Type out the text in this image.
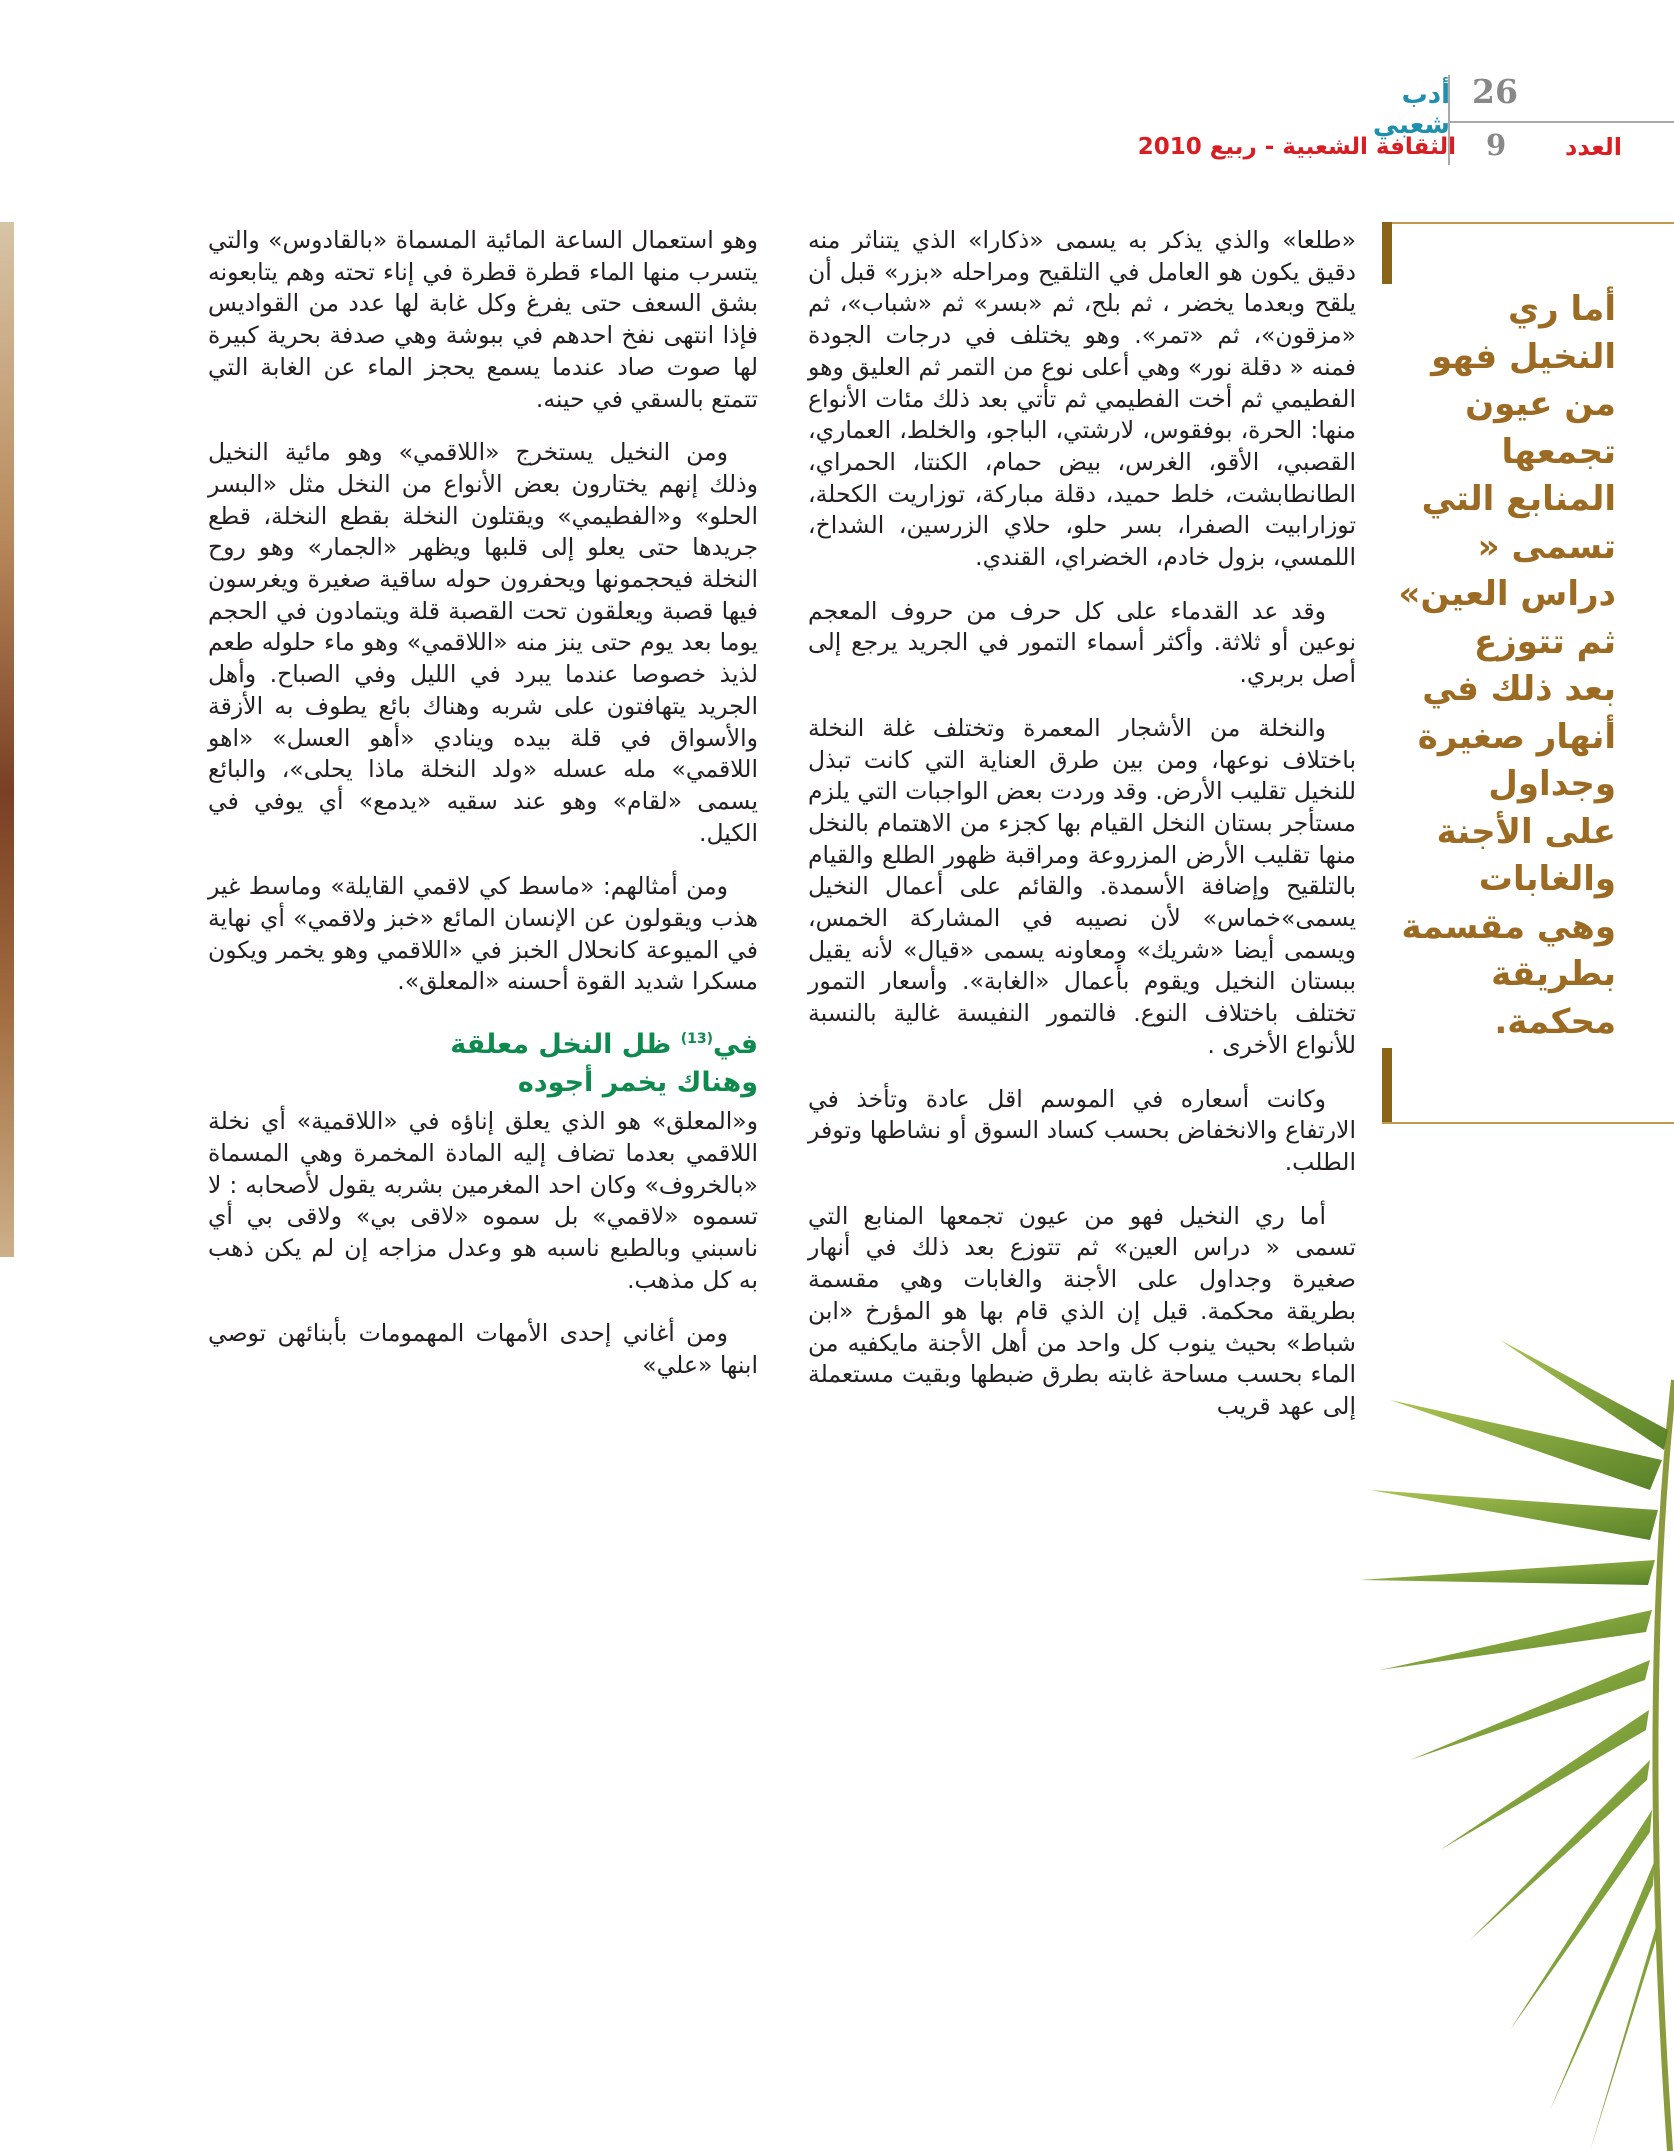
أدب شعبي
26
العدد
9
الثقافة الشعبية - ربيع 2010
أما ري
النخيل فهو
من عيون
تجمعها
المنابع التي
تسمى «
دراس العين»
ثم تتوزع
بعد ذلك في
أنهار صغيرة
وجداول
على الأجنة
والغابات
وهي مقسمة
بطريقة
محكمة.

«طلعا» والذي يذكر به يسمى «ذكارا» الذي يتناثر منه دقيق يكون هو العامل في التلقيح ومراحله «بزر» قبل أن يلقح وبعدما يخضر ، ثم بلح، ثم «بسر» ثم «شباب»، ثم «مزقون»، ثم «تمر». وهو يختلف في درجات الجودة فمنه « دقلة نور» وهي أعلى نوع من التمر ثم العليق وهو الفطيمي ثم أخت الفطيمي ثم تأتي بعد ذلك مئات الأنواع منها: الحرة، بوفقوس، لارشتي، الباجو، والخلط، العماري، القصبي، الأقو، الغرس، بيض حمام، الكنتا، الحمراي، الطانطابشت، خلط حميد، دقلة مباركة، توزاريت الكحلة، توزارابيت الصفرا، بسر حلو، حلاي الزرسين، الشداخ، اللمسي، بزول خادم، الخضراي، القندي.

وقد عد القدماء على كل حرف من حروف المعجم نوعين أو ثلاثة. وأكثر أسماء التمور في الجريد يرجع إلى أصل بربري.

والنخلة من الأشجار المعمرة وتختلف غلة النخلة باختلاف نوعها، ومن بين طرق العناية التي كانت تبذل للنخيل تقليب الأرض. وقد وردت بعض الواجبات التي يلزم مستأجر بستان النخل القيام بها كجزء من الاهتمام بالنخل منها تقليب الأرض المزروعة ومراقبة ظهور الطلع والقيام بالتلقيح وإضافة الأسمدة. والقائم على أعمال النخيل يسمى»خماس» لأن نصيبه في المشاركة الخمس، ويسمى أيضا «شريك» ومعاونه يسمى «قيال» لأنه يقيل ببستان النخيل ويقوم بأعمال «الغابة». وأسعار التمور تختلف باختلاف النوع. فالتمور النفيسة غالية بالنسبة للأنواع الأخرى .

وكانت أسعاره في الموسم اقل عادة وتأخذ في الارتفاع والانخفاض بحسب كساد السوق أو نشاطها وتوفر الطلب.

أما ري النخيل فهو من عيون تجمعها المنابع التي تسمى « دراس العين» ثم تتوزع بعد ذلك في أنهار صغيرة وجداول على الأجنة والغابات وهي مقسمة بطريقة محكمة. قيل إن الذي قام بها هو المؤرخ «ابن شباط» بحيث ينوب كل واحد من أهل الأجنة مايكفيه من الماء بحسب مساحة غابته بطرق ضبطها وبقيت مستعملة إلى عهد قريب

وهو استعمال الساعة المائية المسماة «بالقادوس» والتي يتسرب منها الماء قطرة قطرة في إناء تحته وهم يتابعونه بشق السعف حتى يفرغ وكل غابة لها عدد من القواديس فإذا انتهى نفخ احدهم في ببوشة وهي صدفة بحرية كبيرة لها صوت صاد عندما يسمع يحجز الماء عن الغابة التي تتمتع بالسقي في حينه.

ومن النخيل يستخرج «اللاقمي» وهو مائية النخيل وذلك إنهم يختارون بعض الأنواع من النخل مثل «البسر الحلو» و«الفطيمي» ويقتلون النخلة بقطع النخلة، قطع جريدها حتى يعلو إلى قلبها ويظهر «الجمار» وهو روح النخلة فيحجمونها ويحفرون حوله ساقية صغيرة ويغرسون فيها قصبة ويعلقون تحت القصبة قلة ويتمادون في الحجم يوما بعد يوم حتى ينز منه «اللاقمي» وهو ماء حلوله طعم لذيذ خصوصا عندما يبرد في الليل وفي الصباح. وأهل الجريد يتهافتون على شربه وهناك بائع يطوف به الأزقة والأسواق في قلة بيده وينادي «أهو العسل» «اهو اللاقمي» مله عسله «ولد النخلة ماذا يحلى»، والبائع يسمى «لقام» وهو عند سقيه «يدمع» أي يوفي في الكيل.

ومن أمثالهم: «ماسط كي لاقمي القايلة» وماسط غير هذب ويقولون عن الإنسان المائع «خبز ولاقمي» أي نهاية في الميوعة كانحلال الخبز في «اللاقمي وهو يخمر ويكون مسكرا شديد القوة أحسنه «المعلق».

في$^{(13)}$ ظل النخل معلقة
وهناك يخمر أجوده

و«المعلق» هو الذي يعلق إناؤه في «اللاقمية» أي نخلة اللاقمي بعدما تضاف إليه المادة المخمرة وهي المسماة «بالخروف» وكان احد المغرمين بشربه يقول لأصحابه : لا تسموه «لاقمي» بل سموه «لاقى بي» ولاقى بي أي ناسبني وبالطبع ناسبه هو وعدل مزاجه إن لم يكن ذهب به كل مذهب.

ومن أغاني إحدى الأمهات المهمومات بأبنائهن توصي ابنها «علي»
